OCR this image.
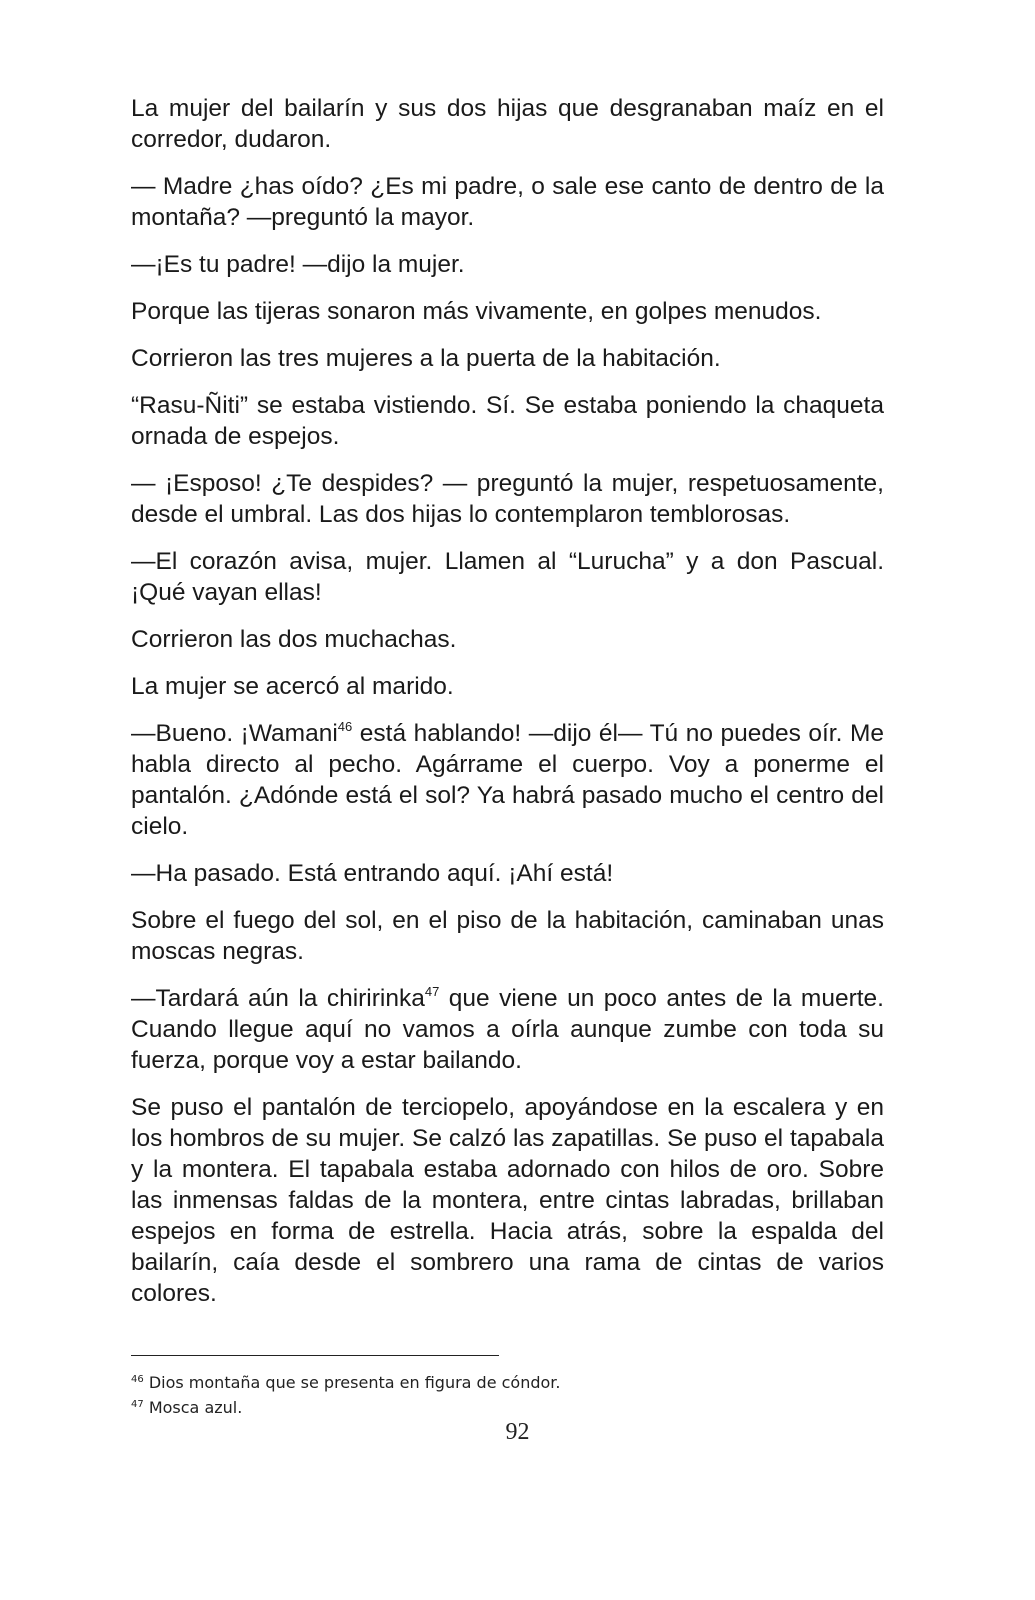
La mujer del bailarín y sus dos hijas que desgranaban maíz en el corredor, dudaron.

— Madre ¿has oído? ¿Es mi padre, o sale ese canto de dentro de la montaña? —preguntó la mayor.

—¡Es tu padre! —dijo la mujer.

Porque las tijeras sonaron más vivamente, en golpes menudos.

Corrieron las tres mujeres a la puerta de la habitación.

“Rasu-Ñiti” se estaba vistiendo. Sí. Se estaba poniendo la chaqueta ornada de espejos.

— ¡Esposo! ¿Te despides? — preguntó la mujer, respetuosamente, desde el umbral. Las dos hijas lo contemplaron temblorosas.

—El corazón avisa, mujer. Llamen al “Lurucha” y a don Pascual. ¡Qué vayan ellas!

Corrieron las dos muchachas.

La mujer se acercó al marido.

—Bueno. ¡Wamani$^{46}$ está hablando! —dijo él— Tú no puedes oír. Me habla directo al pecho. Agárrame el cuerpo. Voy a ponerme el pantalón. ¿Adónde está el sol? Ya habrá pasado mucho el centro del cielo.

—Ha pasado. Está entrando aquí. ¡Ahí está!

Sobre el fuego del sol, en el piso de la habitación, caminaban unas moscas negras.

—Tardará aún la chiririnka$^{47}$ que viene un poco antes de la muerte. Cuando llegue aquí no vamos a oírla aunque zumbe con toda su fuerza, porque voy a estar bailando.

Se puso el pantalón de terciopelo, apoyándose en la escalera y en los hombros de su mujer. Se calzó las zapatillas. Se puso el tapabala y la montera. El tapabala estaba adornado con hilos de oro. Sobre las inmensas faldas de la montera, entre cintas labradas, brillaban espejos en forma de estrella. Hacia atrás, sobre la espalda del bailarín, caía desde el sombrero una rama de cintas de varios colores.

$^{46}$ Dios montaña que se presenta en figura de cóndor.
$^{47}$ Mosca azul.
92
